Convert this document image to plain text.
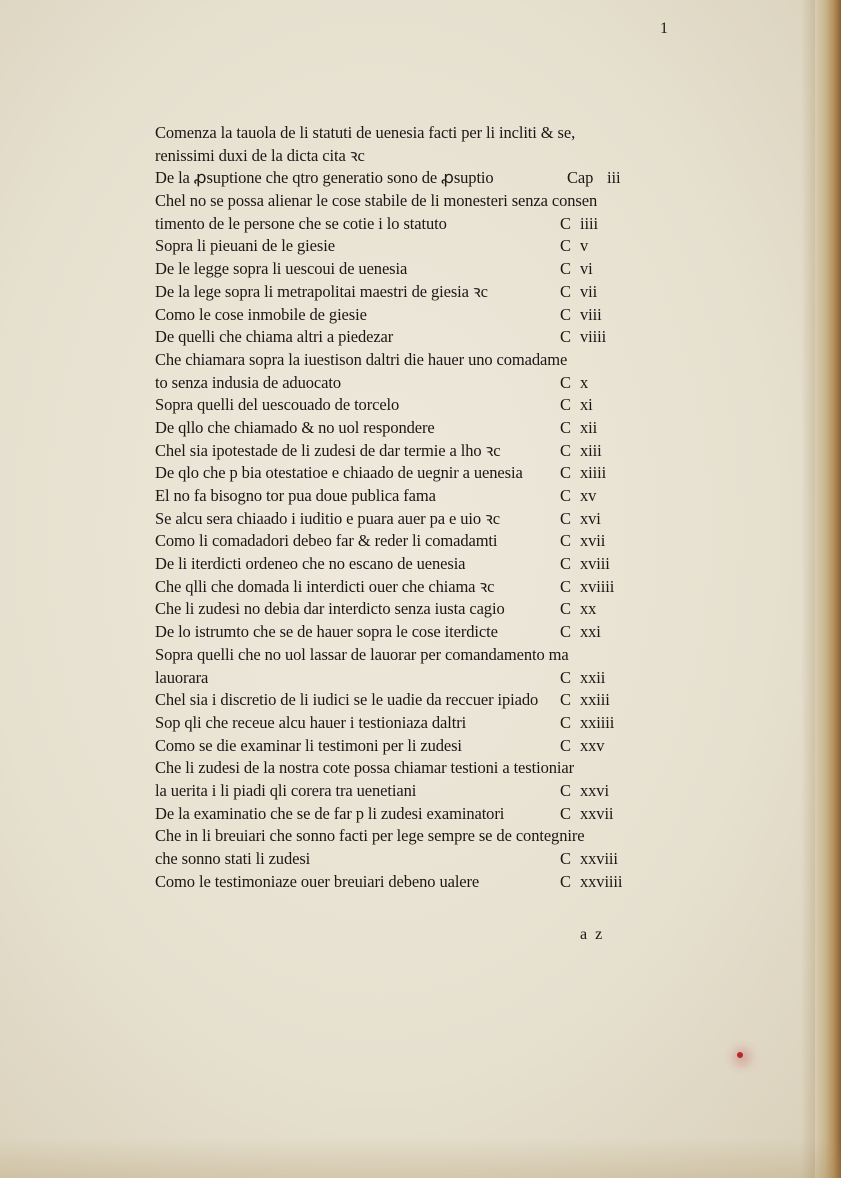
1
Comenza la tauola de li statuti de uenesia facti per li incliti & se,
renissimi duxi de la dicta cita ꝛc
De la ꝓsuptione che qtro generatio sono de ꝓsuptio	Cap iii
Chel no se possa alienar le cose stabile de li monesteri senza consen
timento de le persone che se cotie i lo statuto	C iiii
Sopra li pieuani de le giesie	C v
De le legge sopra li uescoui de uenesia	C vi
De la lege sopra li metrapolitai maestri de giesia ꝛc	C vii
Como le cose inmobile de giesie	C viii
De quelli che chiama altri a piedezar	C viiii
Che chiamara sopra la iuestison daltri die hauer uno comadame
to senza indusia de aduocato	C x
Sopra quelli del uescouado de torcelo	C xi
De qllo che chiamado & no uol respondere	C xii
Chel sia ipotestade de li zudesi de dar termie a lho ꝛc	C xiii
De qlo che p bia otestatioe e chiaado de uegnir a uenesia C xiiii
El no fa bisogno tor pua doue publica fama	C xv
Se alcu sera chiaado i iuditio e puara auer pa e uio ꝛc	C xvi
Como li comadadori debeo far & reder li comadamti	C xvii
De li iterdicti ordeneo che no escano de uenesia	C xviii
Che qlli che domada li interdicti ouer che chiama ꝛc	C xviiii
Che li zudesi no debia dar interdicto senza iusta cagio	C xx
De lo istrumto che se de hauer sopra le cose iterdicte	C xxi
Sopra quelli che no uol lassar de lauorar per comandamento ma
lauorara	C xxii
Chel sia i discretio de li iudici se le uadie da reccuer ipiado C xxiii
Sop qli che receue alcu hauer i testioniaza daltri	C xxiiii
Como se die examinar li testimoni per li zudesi	C xxv
Che li zudesi de la nostra cote possa chiamar testioni a testioniar
la uerita i li piadi qli corera tra uenetiani	C xxvi
De la examinatio che se de far p li zudesi examinatori	C xxvii
Che in li breuiari che sonno facti per lege sempre se de contegnire
che sonno stati li zudesi	C xxviii
Como le testimoniaze ouer breuiari debeno ualere	C xxviiii
a z
